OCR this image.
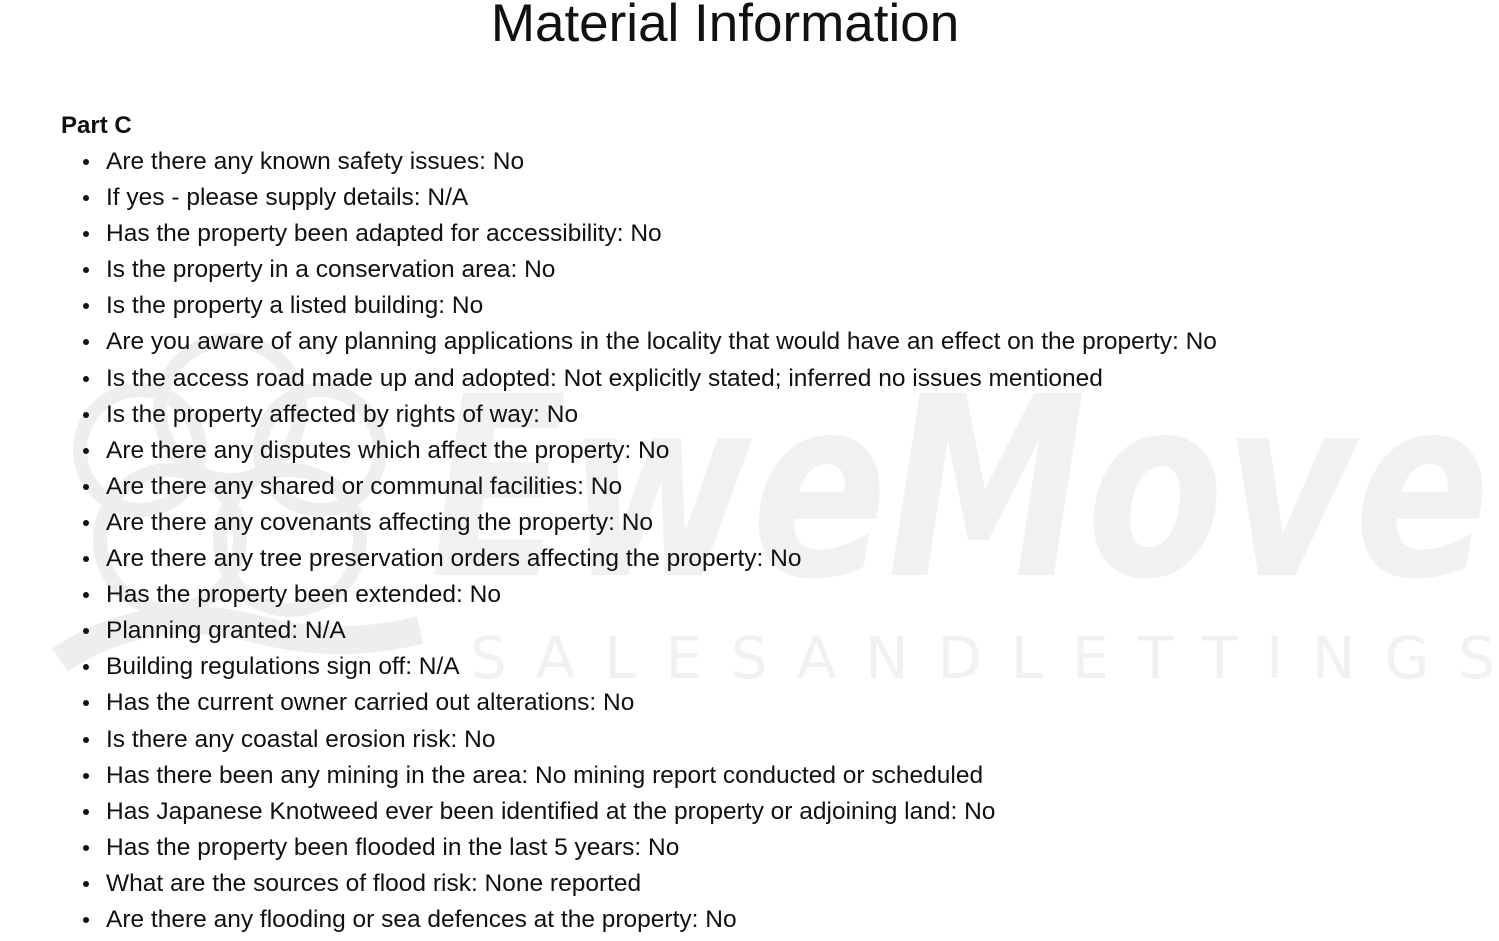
EweMove
S A L E S A N D L E T T I N G S
Material Information
Part C
Are there any known safety issues: No
If yes - please supply details: N/A
Has the property been adapted for accessibility: No
Is the property in a conservation area: No
Is the property a listed building: No
Are you aware of any planning applications in the locality that would have an effect on the property: No
Is the access road made up and adopted: Not explicitly stated; inferred no issues mentioned
Is the property affected by rights of way: No
Are there any disputes which affect the property: No
Are there any shared or communal facilities: No
Are there any covenants affecting the property: No
Are there any tree preservation orders affecting the property: No
Has the property been extended: No
Planning granted: N/A
Building regulations sign off: N/A
Has the current owner carried out alterations: No
Is there any coastal erosion risk: No
Has there been any mining in the area: No mining report conducted or scheduled
Has Japanese Knotweed ever been identified at the property or adjoining land: No
Has the property been flooded in the last 5 years: No
What are the sources of flood risk: None reported
Are there any flooding or sea defences at the property: No
